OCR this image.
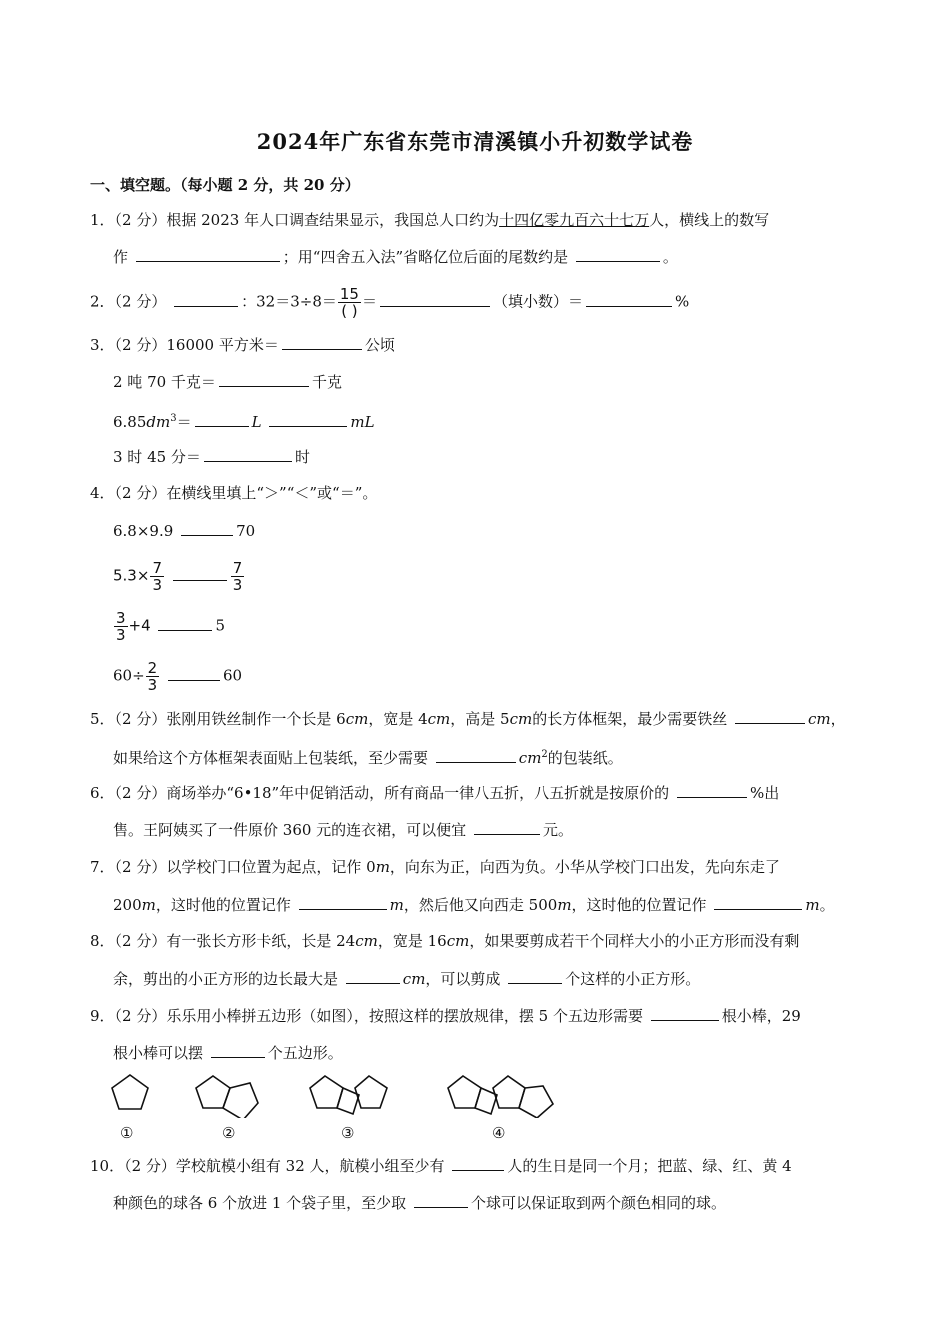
2024年广东省东莞市清溪镇小升初数学试卷
一、填空题。（每小题 2 分，共 20 分）
1．（2 分）根据 2023 年人口调查结果显示，我国总人口约为十四亿零九百六十七万人，横线上的数写
作	；用“四舍五入法”省略亿位后面的尾数约是	。
2．（2 分）	：$32=3\div 8= \frac{15}{( )}$ ＝	（填小数）＝	%
3．（2 分）16000 平方米＝	公顷
2 吨 70 千克＝	千克
$6.85dm^3=$	L	mL
3 时 45 分＝	时
4．（2 分）在横线里填上“＞”“＜”或“＝”。
6.8×9.9	70
$5.3\times \frac{7}{3}$
	$\frac{7}{3}$
$\frac{3}{3} +4$	5
$60\div \frac{2}{3}$	60
5．（2 分）张刚用铁丝制作一个长是 6cm，宽是 4cm，高是 5cm的长方体框架，最少需要铁丝	cm，
如果给这个方体框架表面贴上包装纸，至少需要	$cm^2$的包装纸。
6．（2 分）商场举办“6•18”年中促销活动，所有商品一律八五折，八五折就是按原价的	%出
售。王阿姨买了一件原价 360 元的连衣裙，可以便宜	元。
7．（2 分）以学校门口位置为起点，记作 0m，向东为正，向西为负。小华从学校门口出发，先向东走了
200m，这时他的位置记作	m，然后他又向西走 500m，这时他的位置记作	m。
8．（2 分）有一张长方形卡纸，长是 24cm，宽是 16cm，如果要剪成若干个同样大小的小正方形而没有剩
余，剪出的小正方形的边长最大是	cm，可以剪成	个这样的小正方形。
9．（2 分）乐乐用小棒拼五边形（如图），按照这样的摆放规律，摆 5 个五边形需要	根小棒，29
根小棒可以摆	个五边形。
①	②	③	④
10．（2 分）学校航模小组有 32 人，航模小组至少有	人的生日是同一个月；把蓝、绿、红、黄 4
种颜色的球各 6 个放进 1 个袋子里，至少取	个球可以保证取到两个颜色相同的球。
